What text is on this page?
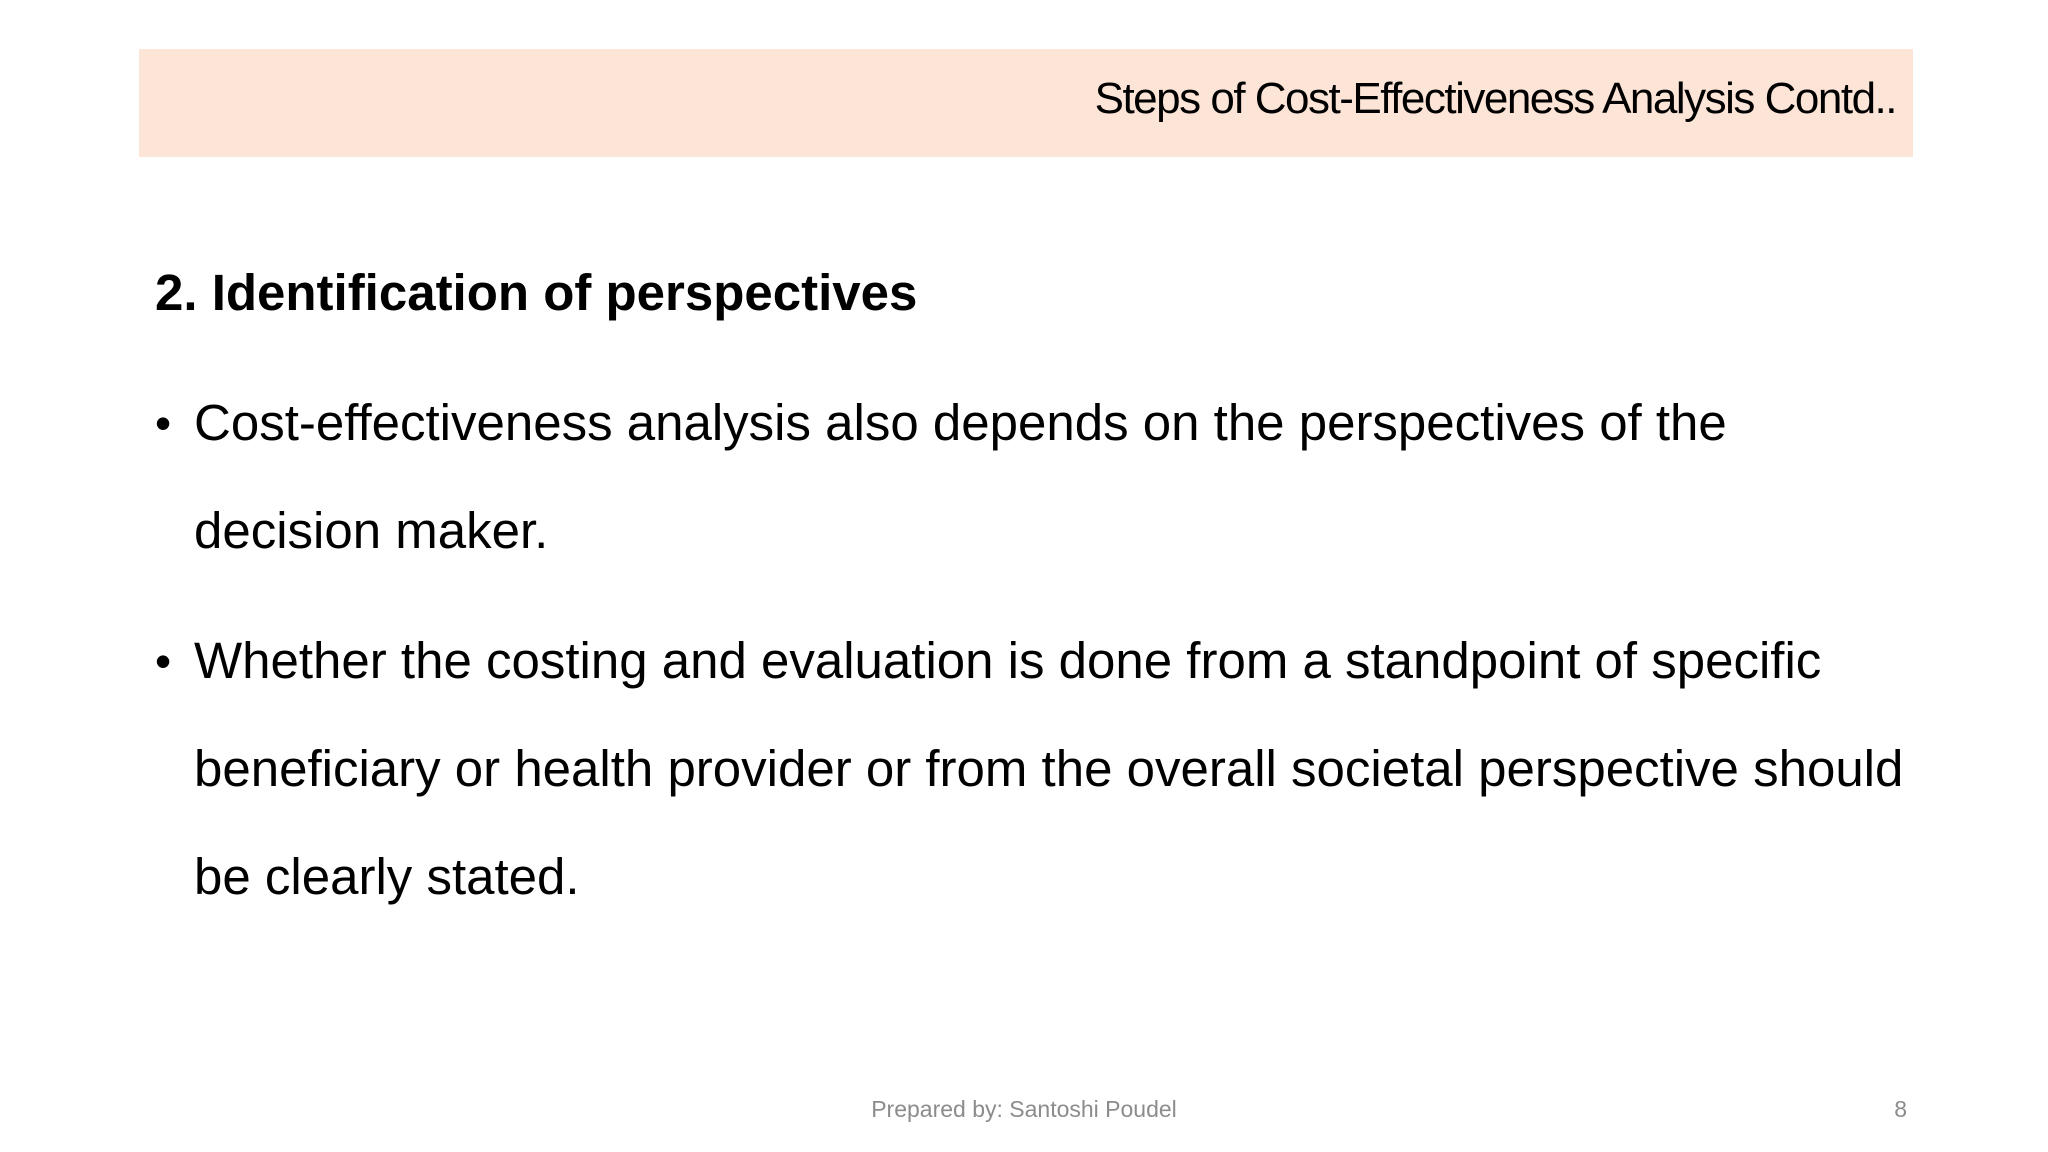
Steps of Cost-Effectiveness Analysis Contd..
2. Identification of perspectives
• Cost-effectiveness analysis also depends on the perspectives of the decision maker.
• Whether the costing and evaluation is done from a standpoint of specific beneficiary or health provider or from the overall societal perspective should be clearly stated.
Prepared by: Santoshi Poudel	8
